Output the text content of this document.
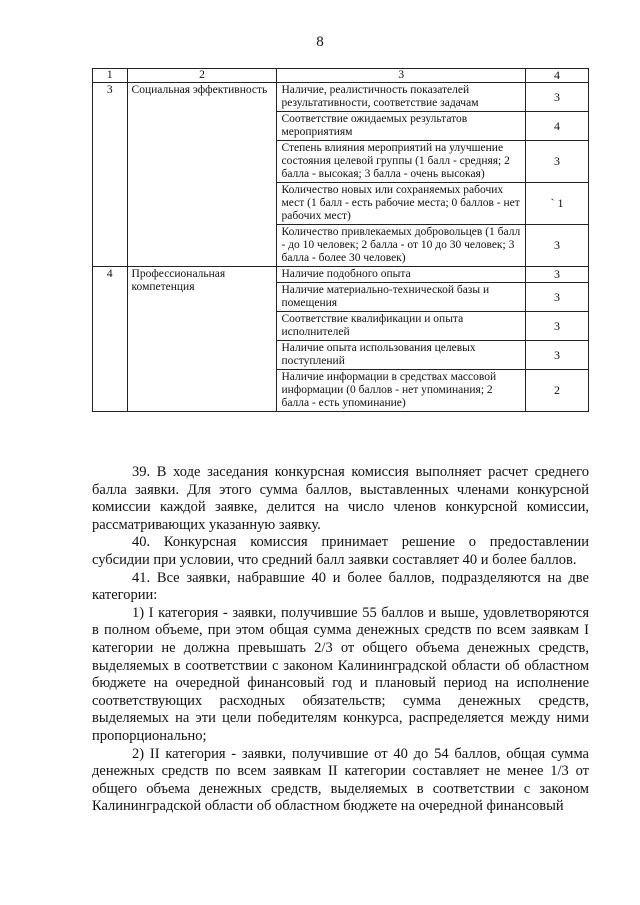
8
1	2	3	4
3	Социальная эффективность	Наличие, реалистичность показателей результативности, соответствие задачам	3
		Соответствие ожидаемых результатов мероприятиям	4
		Степень влияния мероприятий на улучшение состояния целевой группы (1 балл - средняя; 2 балла - высокая; 3 балла - очень высокая)	3
		Количество новых или сохраняемых рабочих мест (1 балл - есть рабочие места; 0 баллов - нет рабочих мест)	` 1
		Количество привлекаемых добровольцев (1 балл - до 10 человек; 2 балла - от 10 до 30 человек; 3 балла - более 30 человек)	3
4	Профессиональная компетенция	Наличие подобного опыта	3
		Наличие материально-технической базы и помещения	3
		Соответствие квалификации и опыта исполнителей	3
		Наличие опыта использования целевых поступлений	3
		Наличие информации в средствах массовой информации (0 баллов - нет упоминания; 2 балла - есть упоминание)	2

39. В ходе заседания конкурсная комиссия выполняет расчет среднего балла заявки. Для этого сумма баллов, выставленных членами конкурсной комиссии каждой заявке, делится на число членов конкурсной комиссии, рассматривающих указанную заявку.

40. Конкурсная комиссия принимает решение о предоставлении субсидии при условии, что средний балл заявки составляет 40 и более баллов.

41. Все заявки, набравшие 40 и более баллов, подразделяются на две категории:

1) I категория - заявки, получившие 55 баллов и выше, удовлетворяются в полном объеме, при этом общая сумма денежных средств по всем заявкам I категории не должна превышать 2/3 от общего объема денежных средств, выделяемых в соответствии с законом Калининградской области об областном бюджете на очередной финансовый год и плановый период на исполнение соответствующих расходных обязательств; сумма денежных средств, выделяемых на эти цели победителям конкурса, распределяется между ними пропорционально;

2) II категория - заявки, получившие от 40 до 54 баллов, общая сумма денежных средств по всем заявкам II категории составляет не менее 1/3 от общего объема денежных средств, выделяемых в соответствии с законом Калининградской области об областном бюджете на очередной финансовый
